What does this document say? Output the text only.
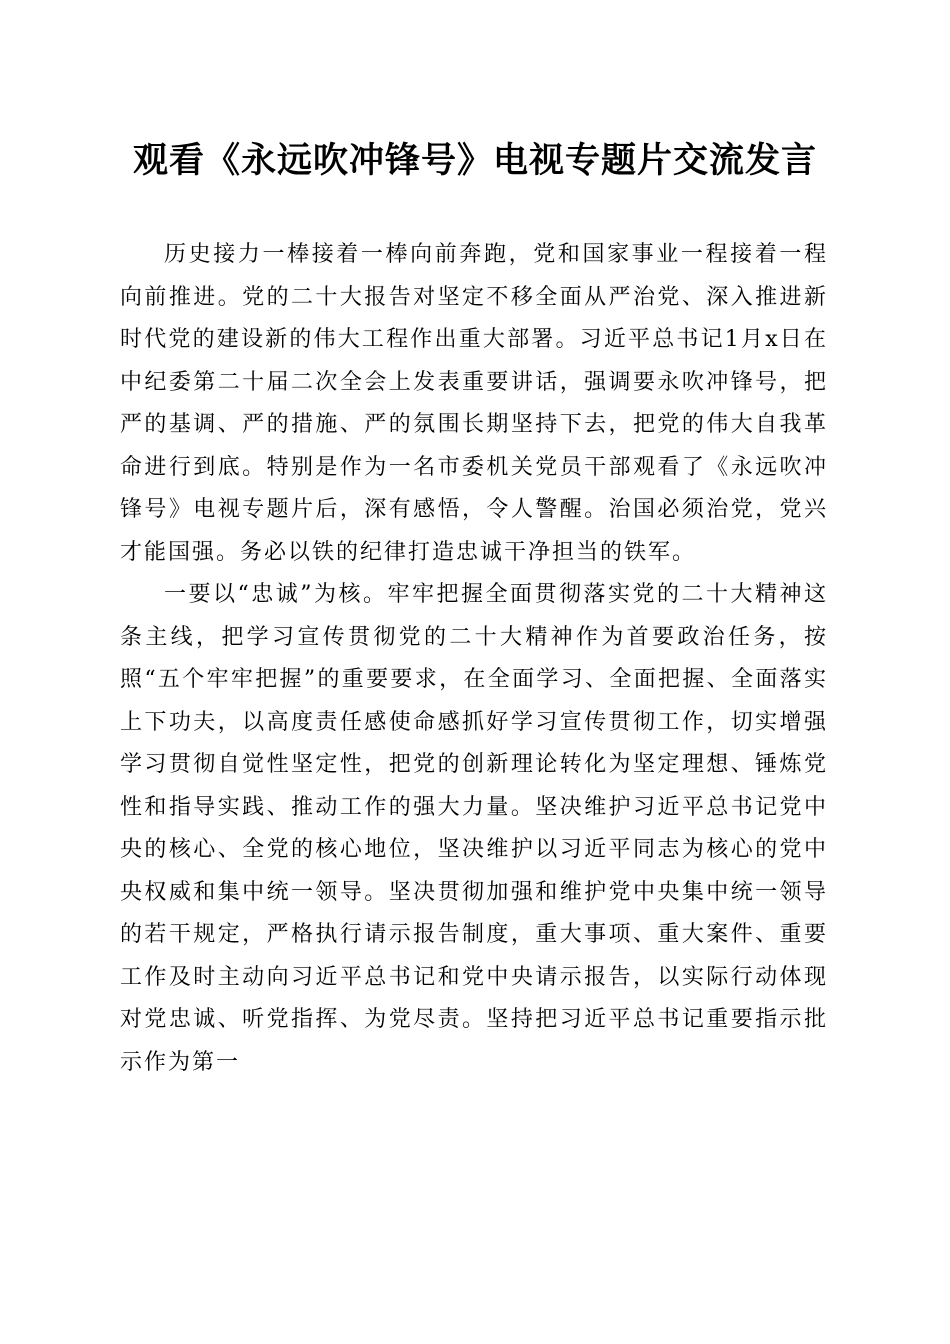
观看《永远吹冲锋号》电视专题片交流发言

历史接力一棒接着一棒向前奔跑，党和国家事业一程接着一程向前推进。党的二十大报告对坚定不移全面从严治党、深入推进新时代党的建设新的伟大工程作出重大部署。习近平总书记1月x日在中纪委第二十届二次全会上发表重要讲话，强调要永吹冲锋号，把严的基调、严的措施、严的氛围长期坚持下去，把党的伟大自我革命进行到底。特别是作为一名市委机关党员干部观看了《永远吹冲锋号》电视专题片后，深有感悟，令人警醒。治国必须治党，党兴才能国强。务必以铁的纪律打造忠诚干净担当的铁军。

一要以“忠诚”为核。牢牢把握全面贯彻落实党的二十大精神这条主线，把学习宣传贯彻党的二十大精神作为首要政治任务，按照“五个牢牢把握”的重要要求，在全面学习、全面把握、全面落实上下功夫，以高度责任感使命感抓好学习宣传贯彻工作，切实增强学习贯彻自觉性坚定性，把党的创新理论转化为坚定理想、锤炼党性和指导实践、推动工作的强大力量。坚决维护习近平总书记党中央的核心、全党的核心地位，坚决维护以习近平同志为核心的党中央权威和集中统一领导。坚决贯彻加强和维护党中央集中统一领导的若干规定，严格执行请示报告制度，重大事项、重大案件、重要工作及时主动向习近平总书记和党中央请示报告，以实际行动体现对党忠诚、听党指挥、为党尽责。坚持把习近平总书记重要指示批示作为第一
